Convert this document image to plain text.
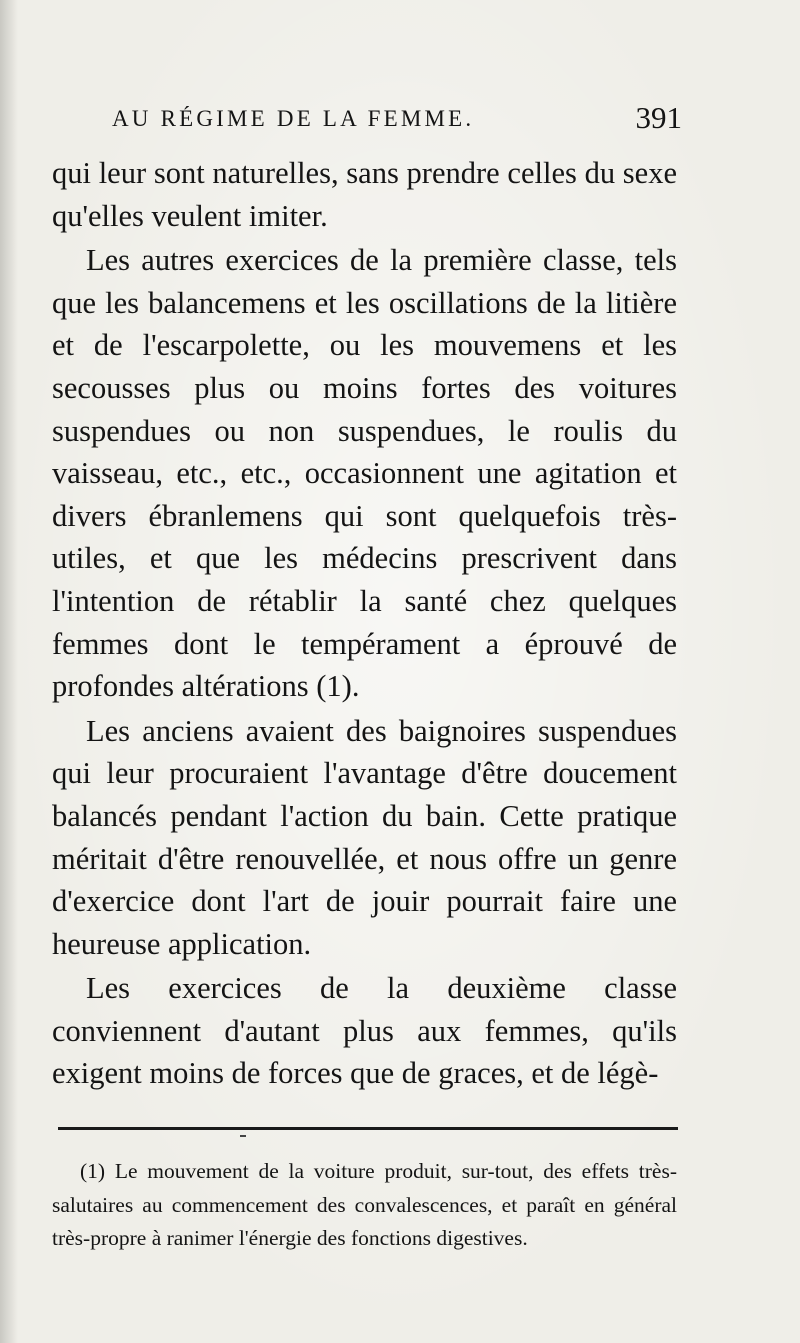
AU RÉGIME DE LA FEMME.	391

qui leur sont naturelles, sans prendre celles du sexe qu'elles veulent imiter.

Les autres exercices de la première classe, tels que les balancemens et les oscillations de la litière et de l'escarpolette, ou les mouvemens et les secousses plus ou moins fortes des voitures suspendues ou non suspendues, le roulis du vaisseau, etc., etc., occasionnent une agitation et divers ébranlemens qui sont quelquefois très-utiles, et que les médecins prescrivent dans l'intention de rétablir la santé chez quelques femmes dont le tempérament a éprouvé de profondes altérations (1).

Les anciens avaient des baignoires suspendues qui leur procuraient l'avantage d'être doucement balancés pendant l'action du bain. Cette pratique méritait d'être renouvellée, et nous offre un genre d'exercice dont l'art de jouir pourrait faire une heureuse application.

Les exercices de la deuxième classe conviennent d'autant plus aux femmes, qu'ils exigent moins de forces que de graces, et de légè-

(1) Le mouvement de la voiture produit, sur-tout, des effets très-salutaires au commencement des convalescences, et paraît en général très-propre à ranimer l'énergie des fonctions digestives.
